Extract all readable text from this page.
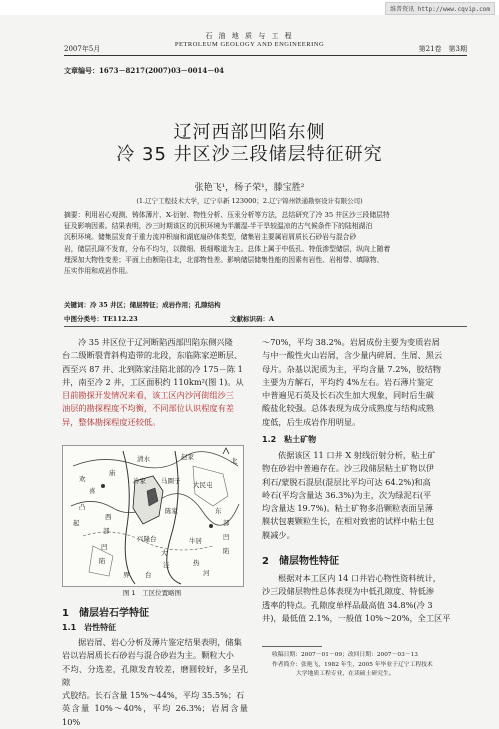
维普资讯 http://www.cqvip.com
石 油 地 质 与 工 程
PETROLEUM GEOLOGY AND ENGINEERING
2007年5月	第21卷　第3期
文章编号：1673－8217(2007)03－0014－04
辽河西部凹陷东侧
冷 35 井区沙三段储层特征研究
张艳飞¹，杨子荣¹，滕宝胜²
(1.辽宁工程技术大学，辽宁阜新 123000；2.辽宁锦州铁通勘察设计有限公司)
摘要：利用岩心观测、铸体薄片、X-衍射、物性分析、压汞分析等方法，总结研究了冷 35 井区沙三段储层特
征及影响因素。结果表明，沙三时期该区的沉积环境为半潮湿-半干旱较温凉的古气候条件下的陆相湖泊
沉积环境。储集层发育于重力流冲积扇和湖底扇砂体类型，储集岩主要属岩屑质长石砂岩与混合砂
岩，储层孔隙不发育，分布不均匀，以微细、极细喉道为主。总体上属于中低孔、特低渗型储层，纵向上随着
埋深加大物性变差；平面上由断陷往北，北部物性差。影响储层储集性能的因素有岩性、岩相带、填隙物、
压实作用和成岩作用。
关键词：冷 35 井区；储层特征；成岩作用；孔隙结构
中图分类号：TE112.23	文献标识码：A
冷 35 井区位于辽河断陷西部凹陷东侧兴隆
台二级断裂背斜构造带的北段，东临陈家逆断层、
西至兴 87 井、北到陈家洼陷北部的冷 175－陈 1
井，南至冷 2 井，工区面积约 110km²(图 1)。从
目前勘探开发情况来看，该工区内沙河街组沙三
油层的勘探程度不均衡，不同部位认识程度有差
异，整体勘探程度还较低。
欢
喜
凸
起
庙
西
部
凹
陷
清水
马圈子
赵家
大民屯
东
部
凹
陷
牛居
兴隆台
陈家
冷家
大
洼	热
河
台
界
北
图 1　工区位置略图
1　储层岩石学特征
1.1　岩性特征
据岩屑、岩心分析及薄片鉴定结果表明，储集
岩以岩屑质长石砂岩与混合砂岩为主。颗粒大小
不均、分选差，孔隙发育较差，磨圆较好，多呈孔隙
式胶结。长石含量 15%～44%，平均 35.5%；石
英含量 10%～40%，平均 26.3%；岩屑含量 10%
～70%，平均 38.2%。岩屑成份主要为变质岩屑
与中一酸性火山岩屑，含少量内碎屑、生屑、黑云
母片。杂基以泥质为主，平均含量 7.2%，胶结物
主要为方解石，平均约 4%左右。岩石薄片鉴定
中普遍见石英及长石次生加大现象，同时后生碳
酸盐化较强。总体表现为成分成熟度与结构成熟
度低，后生成岩作用明显。
1.2　粘土矿物
依据该区 11 口井 X 射线衍射分析，粘土矿
物在砂岩中普遍存在。沙三段储层粘土矿物以伊
利石/蒙脱石混层(混层比平均可达 64.2%)和高
岭石(平均含量达 36.3%)为主，次为绿泥石(平
均含量达 19.7%)。粘土矿物多沿颗粒表面呈薄
膜状包裹颗粒生长，在相对致密的试样中粘土包
膜减少。
2　储层物性特征
根据对本工区内 14 口井岩心物性资料统计，
沙三段储层物性总体表现为中低孔隙度、特低渗
透率的特点。孔隙度单样品最高值 34.8%(冷 3
井)，最低值 2.1%，一般值 10%～20%，全工区平
收稿日期：2007－01－09；改回日期：2007－03－13
作者简介：张艳飞，1982 年生，2005 年毕业于辽宁工程技术
大学地质工程专业，在读硕士研究生。
